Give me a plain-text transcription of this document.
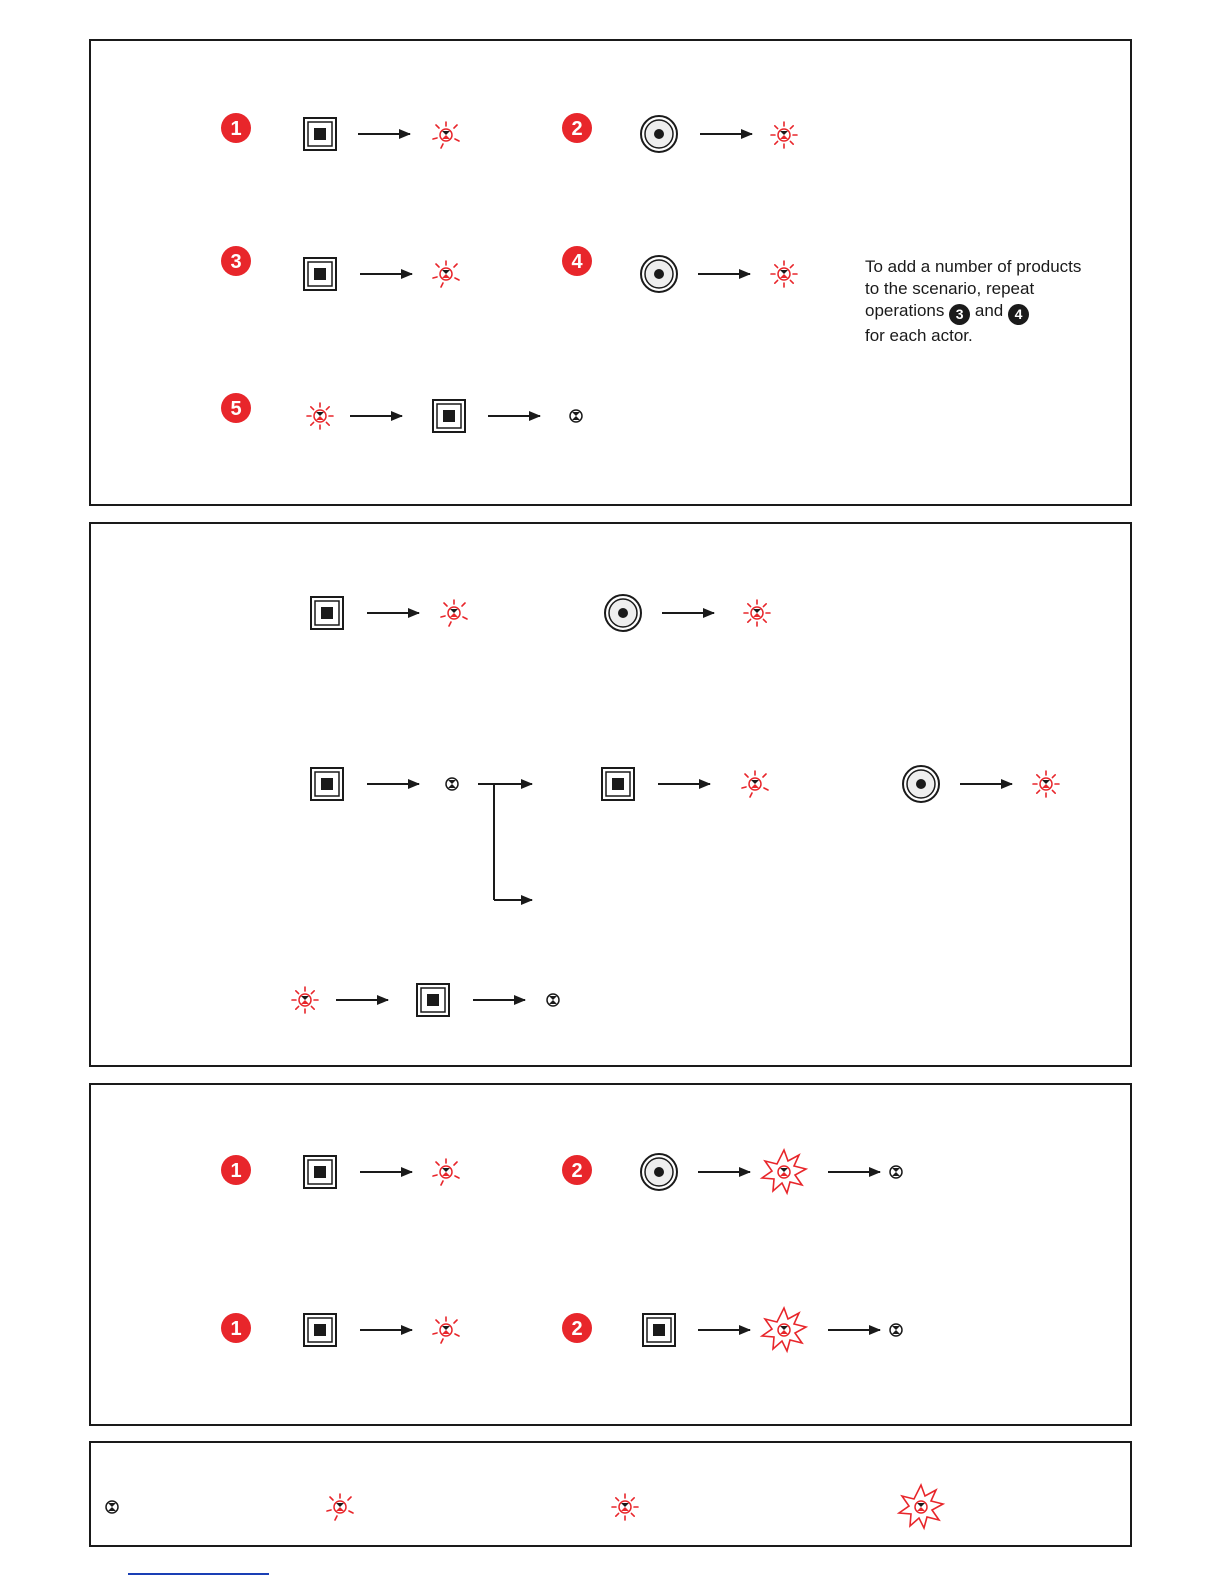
To add a number of products
to the scenario, repeat
operations 3 and 4
for each actor.
1	2
3	4
5
1	2
1	2
